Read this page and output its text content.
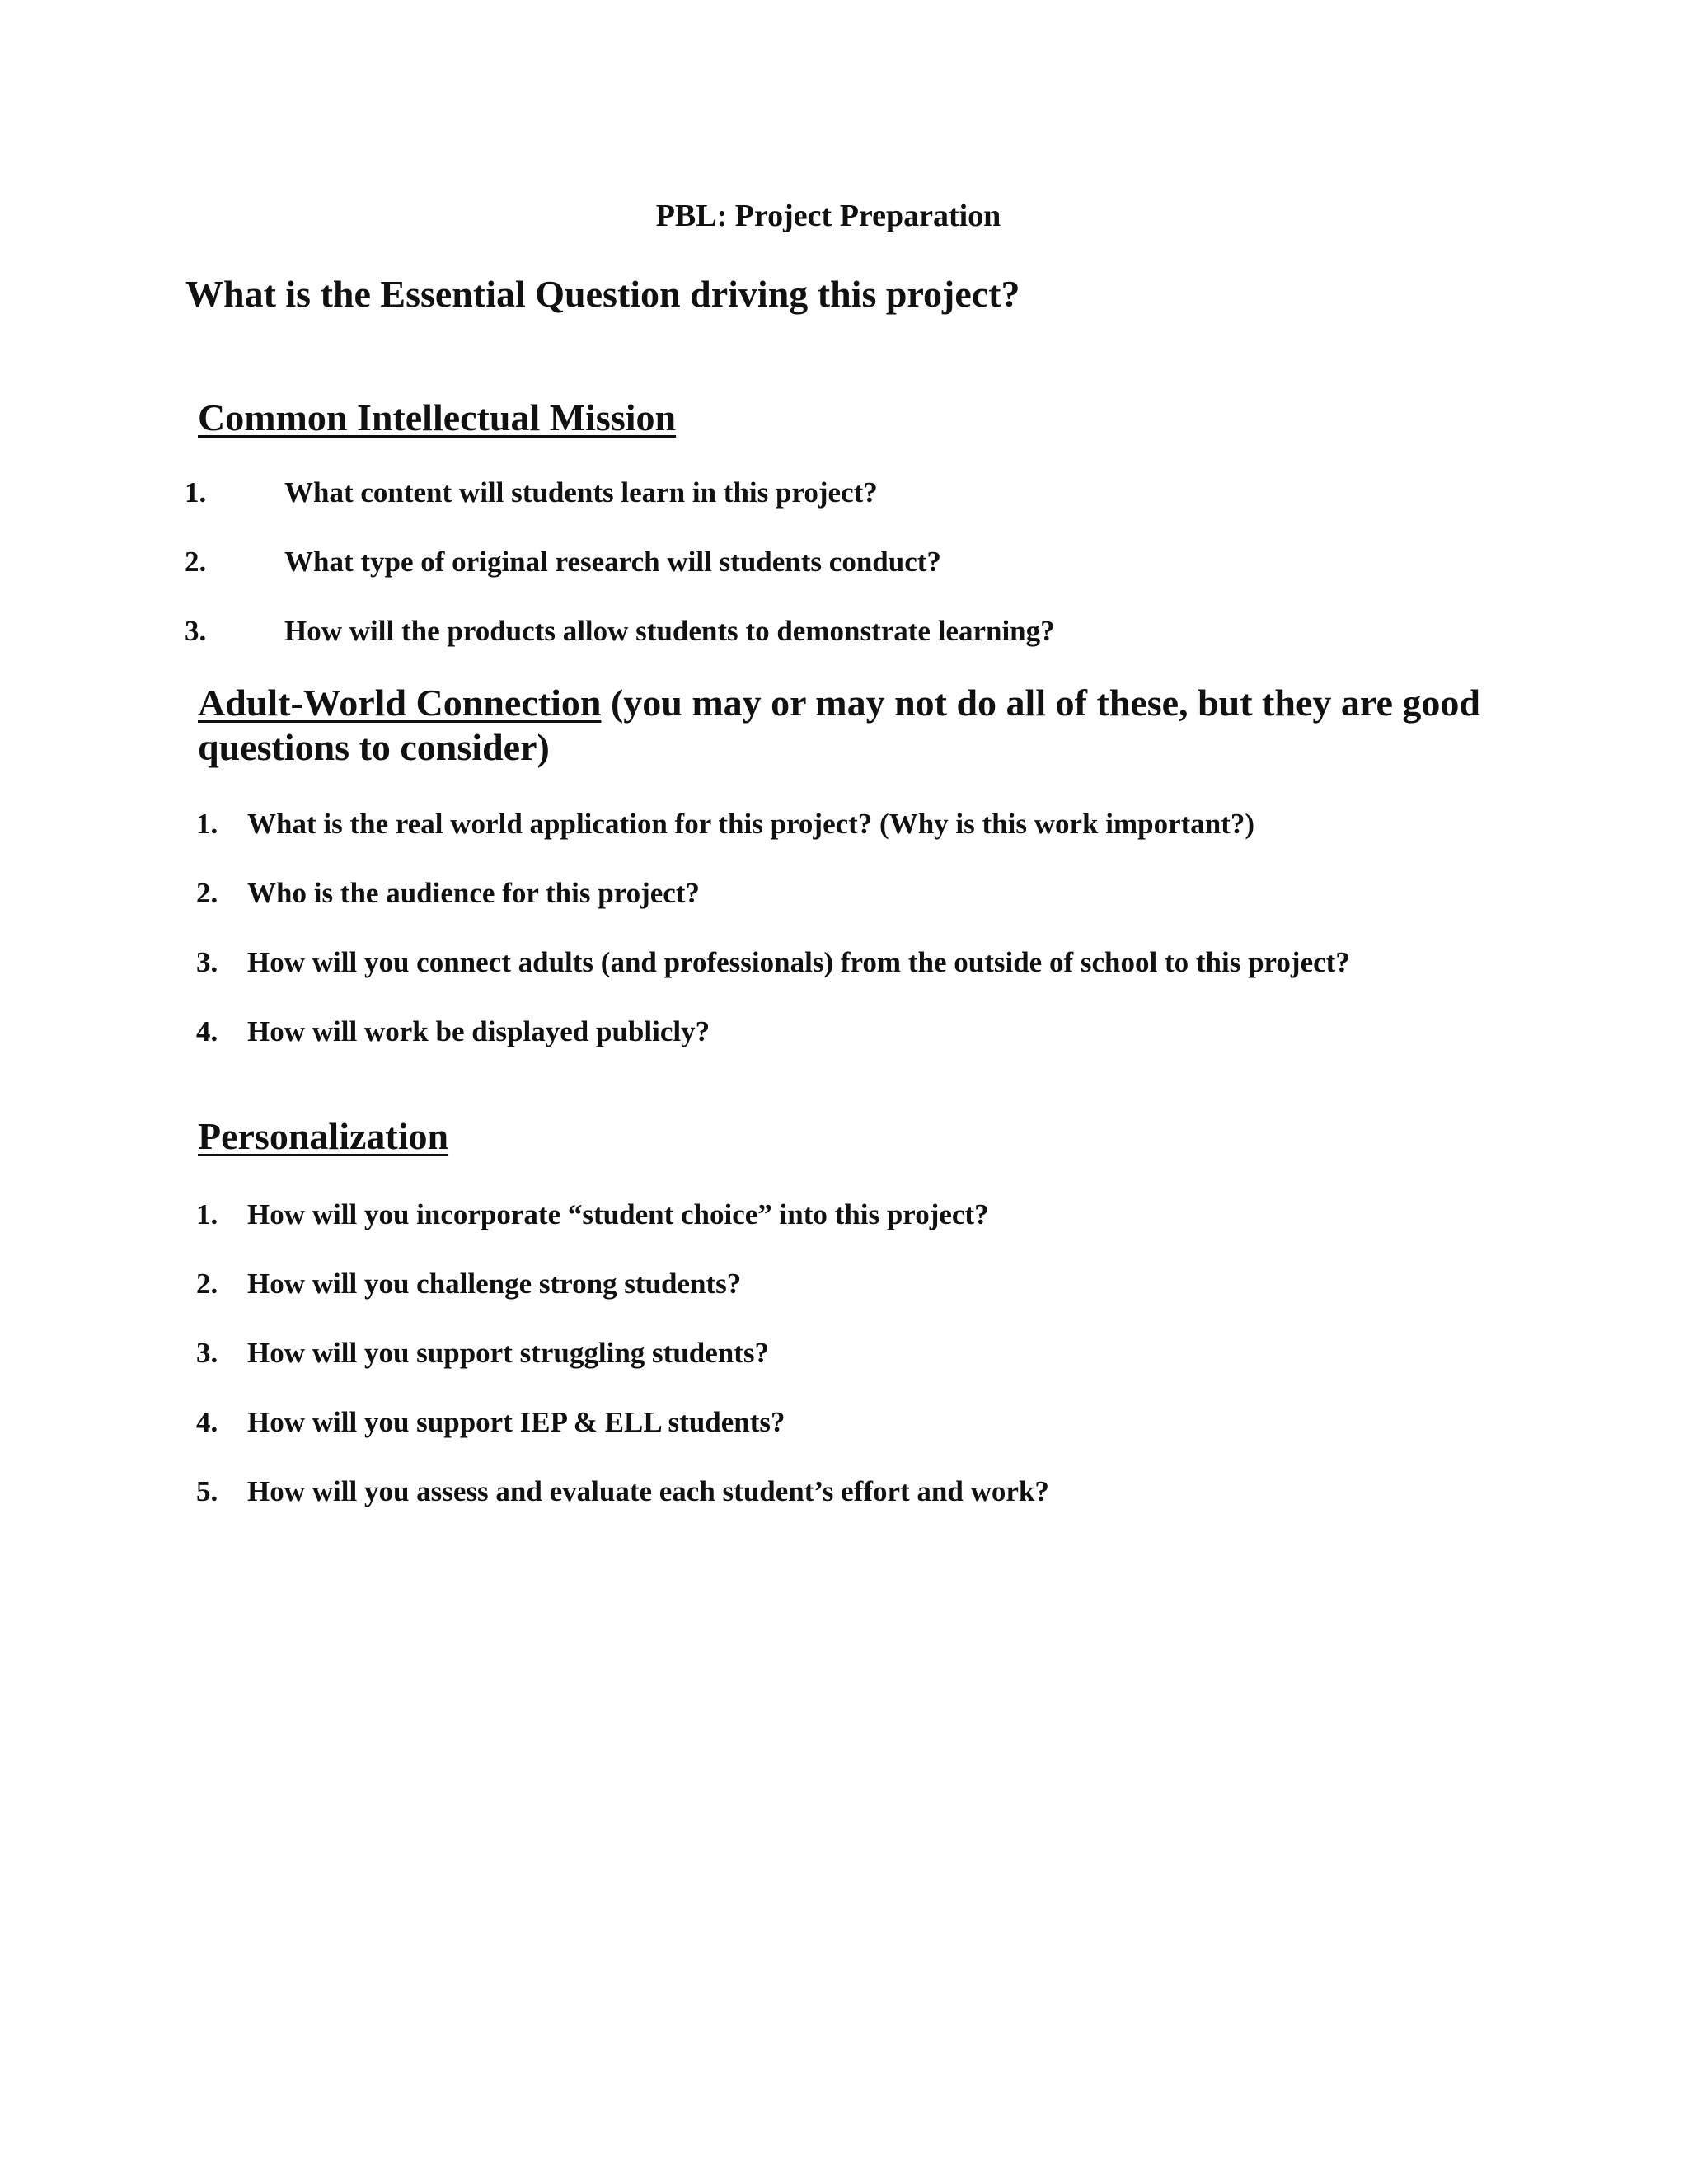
PBL: Project Preparation
What is the Essential Question driving this project?
Common Intellectual Mission
1.	What content will students learn in this project?
2.	What type of original research will students conduct?
3.	How will the products allow students to demonstrate learning?
Adult-World Connection (you may or may not do all of these, but they are good questions to consider)
1. What is the real world application for this project? (Why is this work important?)
2. Who is the audience for this project?
3. How will you connect adults (and professionals) from the outside of school to this project?
4. How will work be displayed publicly?
Personalization
1. How will you incorporate “student choice” into this project?
2. How will you challenge strong students?
3. How will you support struggling students?
4. How will you support IEP & ELL students?
5. How will you assess and evaluate each student’s effort and work?
